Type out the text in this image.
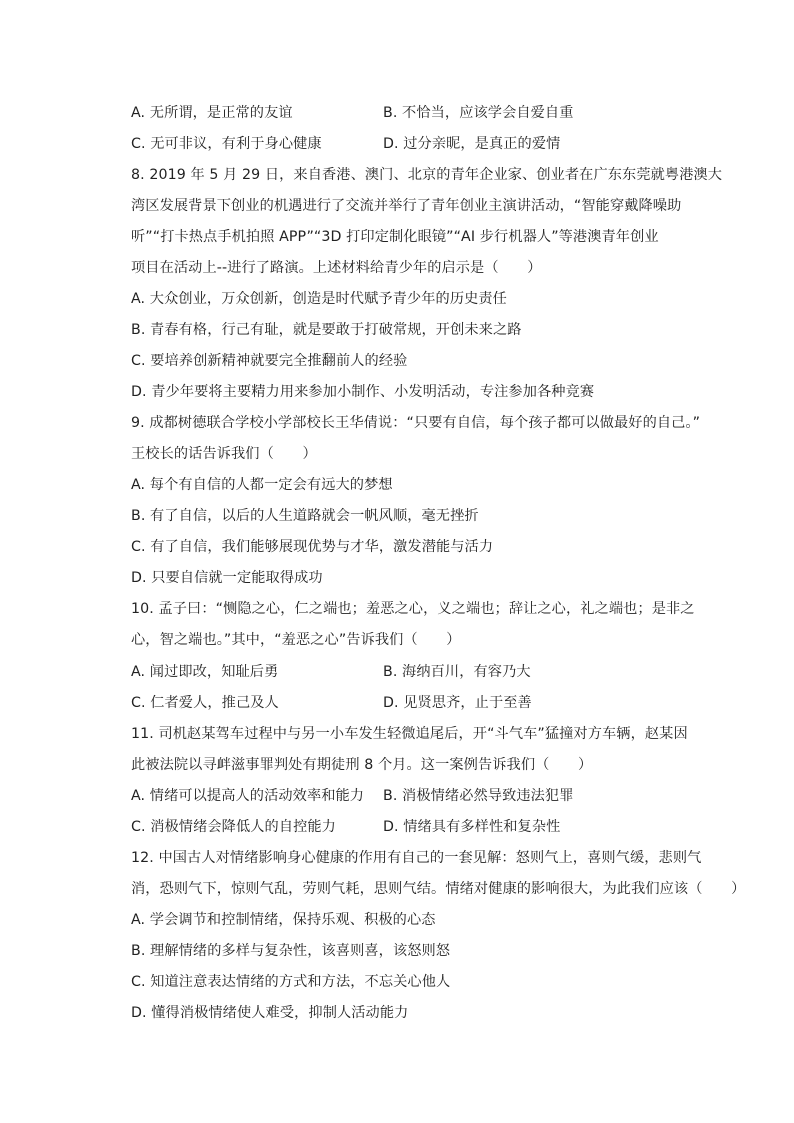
A. 无所谓，是正常的友谊	B. 不恰当，应该学会自爱自重
C. 无可非议，有利于身心健康	D. 过分亲昵，是真正的爱情
8. 2019 年 5 月 29 日，来自香港、澳门、北京的青年企业家、创业者在广东东莞就粤港澳大
湾区发展背景下创业的机遇进行了交流并举行了青年创业主演讲活动，“智能穿戴降噪助
听”“打卡热点手机拍照 APP”“3D 打印定制化眼镜”“AI 步行机器人”等港澳青年创业
项目在活动上--进行了路演。上述材料给青少年的启示是（　　）
A. 大众创业，万众创新，创造是时代赋予青少年的历史责任
B. 青春有格，行己有耻，就是要敢于打破常规，开创未来之路
C. 要培养创新精神就要完全推翻前人的经验
D. 青少年要将主要精力用来参加小制作、小发明活动，专注参加各种竞赛
9. 成都树德联合学校小学部校长王华倩说：“只要有自信，每个孩子都可以做最好的自己。”
王校长的话告诉我们（　　）
A. 每个有自信的人都一定会有远大的梦想
B. 有了自信，以后的人生道路就会一帆风顺，毫无挫折
C. 有了自信，我们能够展现优势与才华，激发潜能与活力
D. 只要自信就一定能取得成功
10. 孟子曰：“恻隐之心，仁之端也；羞恶之心，义之端也；辞让之心，礼之端也；是非之
心，智之端也。”其中，“羞恶之心”告诉我们（　　）
A. 闻过即改，知耻后勇	B. 海纳百川，有容乃大
C. 仁者爱人，推己及人	D. 见贤思齐，止于至善
11. 司机赵某驾车过程中与另一小车发生轻微追尾后，开“斗气车”猛撞对方车辆，赵某因
此被法院以寻衅滋事罪判处有期徒刑 8 个月。这一案例告诉我们（　　）
A. 情绪可以提高人的活动效率和能力 B. 消极情绪必然导致违法犯罪
C. 消极情绪会降低人的自控能力	D. 情绪具有多样性和复杂性
12. 中国古人对情绪影响身心健康的作用有自己的一套见解：怒则气上，喜则气缓，悲则气
消，恐则气下，惊则气乱，劳则气耗，思则气结。情绪对健康的影响很大，为此我们应该（　　）
A. 学会调节和控制情绪，保持乐观、积极的心态
B. 理解情绪的多样与复杂性，该喜则喜，该怒则怒
C. 知道注意表达情绪的方式和方法，不忘关心他人
D. 懂得消极情绪使人难受，抑制人活动能力
